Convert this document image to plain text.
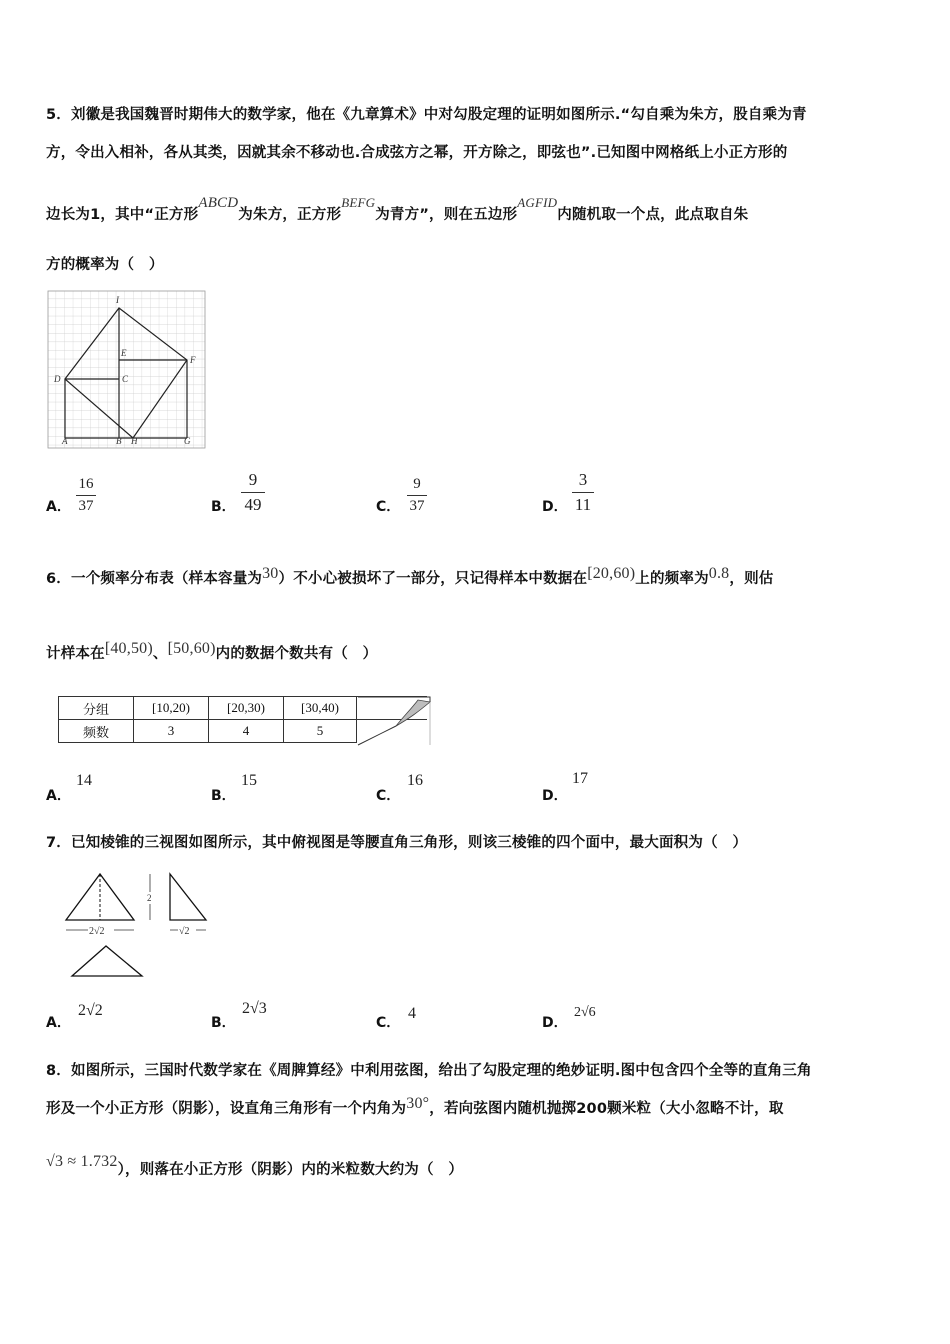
5．刘徽是我国魏晋时期伟大的数学家，他在《九章算术》中对勾股定理的证明如图所示.“勾自乘为朱方，股自乘为青
方，令出入相补，各从其类，因就其余不移动也.合成弦方之幂，开方除之，即弦也”.已知图中网格纸上小正方形的
边长为1，其中“正方形ABCD为朱方，正方形BEFG为青方”，则在五边形AGFID内随机取一个点，此点取自朱
方的概率为（　）
I
E
F
D	C
A	B H	G
A．
16
37	B．
9
49	C．
9
37	D．
3
11
6．一个频率分布表（样本容量为30）不小心被损坏了一部分，只记得样本中数据在[20,60)上的频率为0.8，则估
计样本在[40,50)、[50,60)内的数据个数共有（　）
分组	[10,20)	[20,30)	[30,40)	
频数	3	4	5	
A．
14
B．
15
C．
16
D．
17
7．已知棱锥的三视图如图所示，其中俯视图是等腰直角三角形，则该三棱锥的四个面中，最大面积为（　）
2√2	√2
2
A．
2√2
B．
2√3
C．
4
D．
2√6
8．如图所示，三国时代数学家在《周脾算经》中利用弦图，给出了勾股定理的绝妙证明.图中包含四个全等的直角三角
形及一个小正方形（阴影），设直角三角形有一个内角为30°，若向弦图内随机抛掷200颗米粒（大小忽略不计，取
√3 ≈ 1.732），则落在小正方形（阴影）内的米粒数大约为（　）
